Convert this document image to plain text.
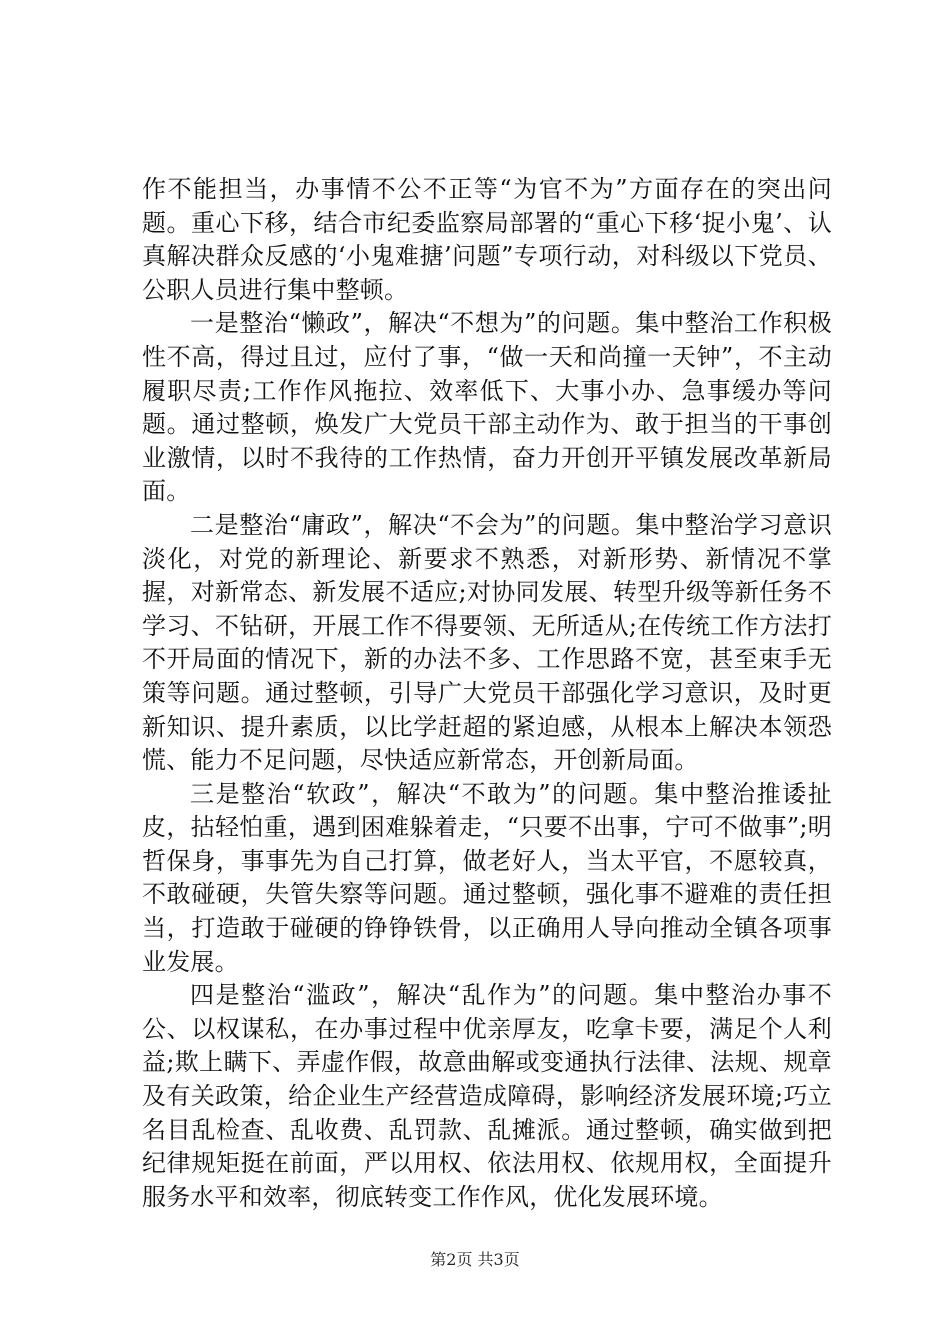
作不能担当，办事情不公不正等“为官不为”方面存在的突出问题。重心下移，结合市纪委监察局部署的“重心下移‘捉小鬼’、认真解决群众反感的‘小鬼难搪’问题”专项行动，对科级以下党员、公职人员进行集中整顿。

一是整治“懒政”，解决“不想为”的问题。集中整治工作积极性不高，得过且过，应付了事，“做一天和尚撞一天钟”，不主动履职尽责;工作作风拖拉、效率低下、大事小办、急事缓办等问题。通过整顿，焕发广大党员干部主动作为、敢于担当的干事创业激情，以时不我待的工作热情，奋力开创开平镇发展改革新局面。

二是整治“庸政”，解决“不会为”的问题。集中整治学习意识淡化，对党的新理论、新要求不熟悉，对新形势、新情况不掌握，对新常态、新发展不适应;对协同发展、转型升级等新任务不学习、不钻研，开展工作不得要领、无所适从;在传统工作方法打不开局面的情况下，新的办法不多、工作思路不宽，甚至束手无策等问题。通过整顿，引导广大党员干部强化学习意识，及时更新知识、提升素质，以比学赶超的紧迫感，从根本上解决本领恐慌、能力不足问题，尽快适应新常态，开创新局面。

三是整治“软政”，解决“不敢为”的问题。集中整治推诿扯皮，拈轻怕重，遇到困难躲着走，“只要不出事，宁可不做事”;明哲保身，事事先为自己打算，做老好人，当太平官，不愿较真，不敢碰硬，失管失察等问题。通过整顿，强化事不避难的责任担当，打造敢于碰硬的铮铮铁骨，以正确用人导向推动全镇各项事业发展。

四是整治“滥政”，解决“乱作为”的问题。集中整治办事不公、以权谋私，在办事过程中优亲厚友，吃拿卡要，满足个人利益;欺上瞒下、弄虚作假，故意曲解或变通执行法律、法规、规章及有关政策，给企业生产经营造成障碍，影响经济发展环境;巧立名目乱检查、乱收费、乱罚款、乱摊派。通过整顿，确实做到把纪律规矩挺在前面，严以用权、依法用权、依规用权，全面提升服务水平和效率，彻底转变工作作风，优化发展环境。

第2页 共3页
